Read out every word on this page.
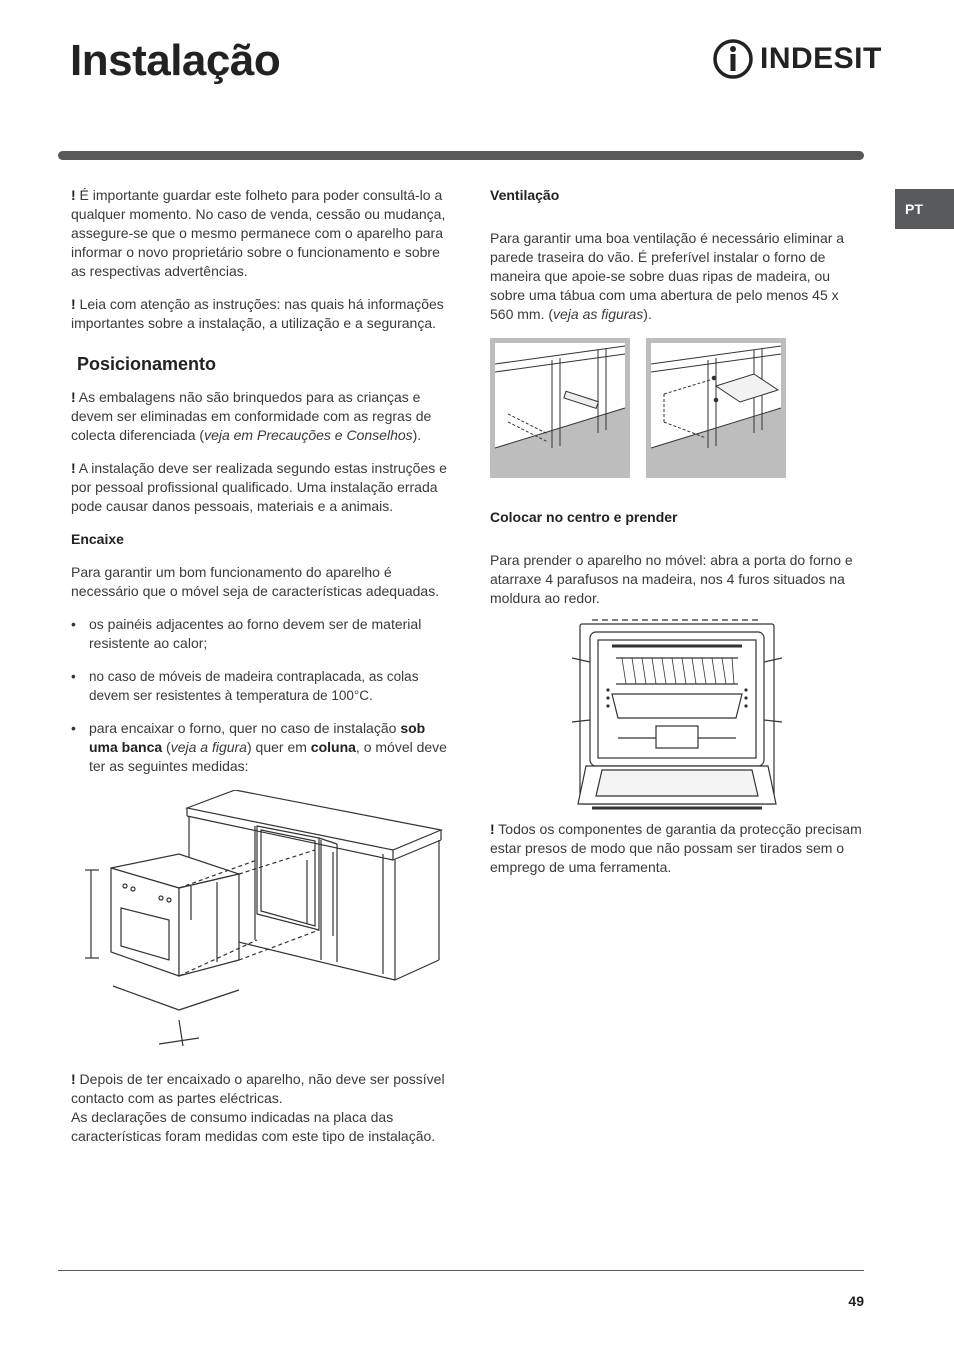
Instalação	INDESIT
PT

! É importante guardar este folheto para poder consultá-lo a qualquer momento. No caso de venda, cessão ou mudança, assegure-se que o mesmo permanece com o aparelho para informar o novo proprietário sobre o funcionamento e sobre as respectivas advertências.

! Leia com atenção as instruções: nas quais há informações importantes sobre a instalação, a utilização e a segurança.

Posicionamento

! As embalagens não são brinquedos para as crianças e devem ser eliminadas em conformidade com as regras de colecta diferenciada (veja em Precauções e Conselhos).

! A instalação deve ser realizada segundo estas instruções e por pessoal profissional qualificado. Uma instalação errada pode causar danos pessoais, materiais e a animais.

Encaixe

Para garantir um bom funcionamento do aparelho é necessário que o móvel seja de características adequadas.

• os painéis adjacentes ao forno devem ser de material resistente ao calor;
• no caso de móveis de madeira contraplacada, as colas devem ser resistentes à temperatura de 100°C.
• para encaixar o forno, quer no caso de instalação sob uma banca (veja a figura) quer em coluna, o móvel deve ter as seguintes medidas:

! Depois de ter encaixado o aparelho, não deve ser possível contacto com as partes eléctricas.

As declarações de consumo indicadas na placa das características foram medidas com este tipo de instalação.

Ventilação

Para garantir uma boa ventilação é necessário eliminar a parede traseira do vão. É preferível instalar o forno de maneira que apoie-se sobre duas ripas de madeira, ou sobre uma tábua com uma abertura de pelo menos 45 x 560 mm. (veja as figuras).

Colocar no centro e prender

Para prender o aparelho no móvel: abra a porta do forno e atarraxe 4 parafusos na madeira, nos 4 furos situados na moldura ao redor.

! Todos os componentes de garantia da protecção precisam estar presos de modo que não possam ser tirados sem o emprego de uma ferramenta.

49
